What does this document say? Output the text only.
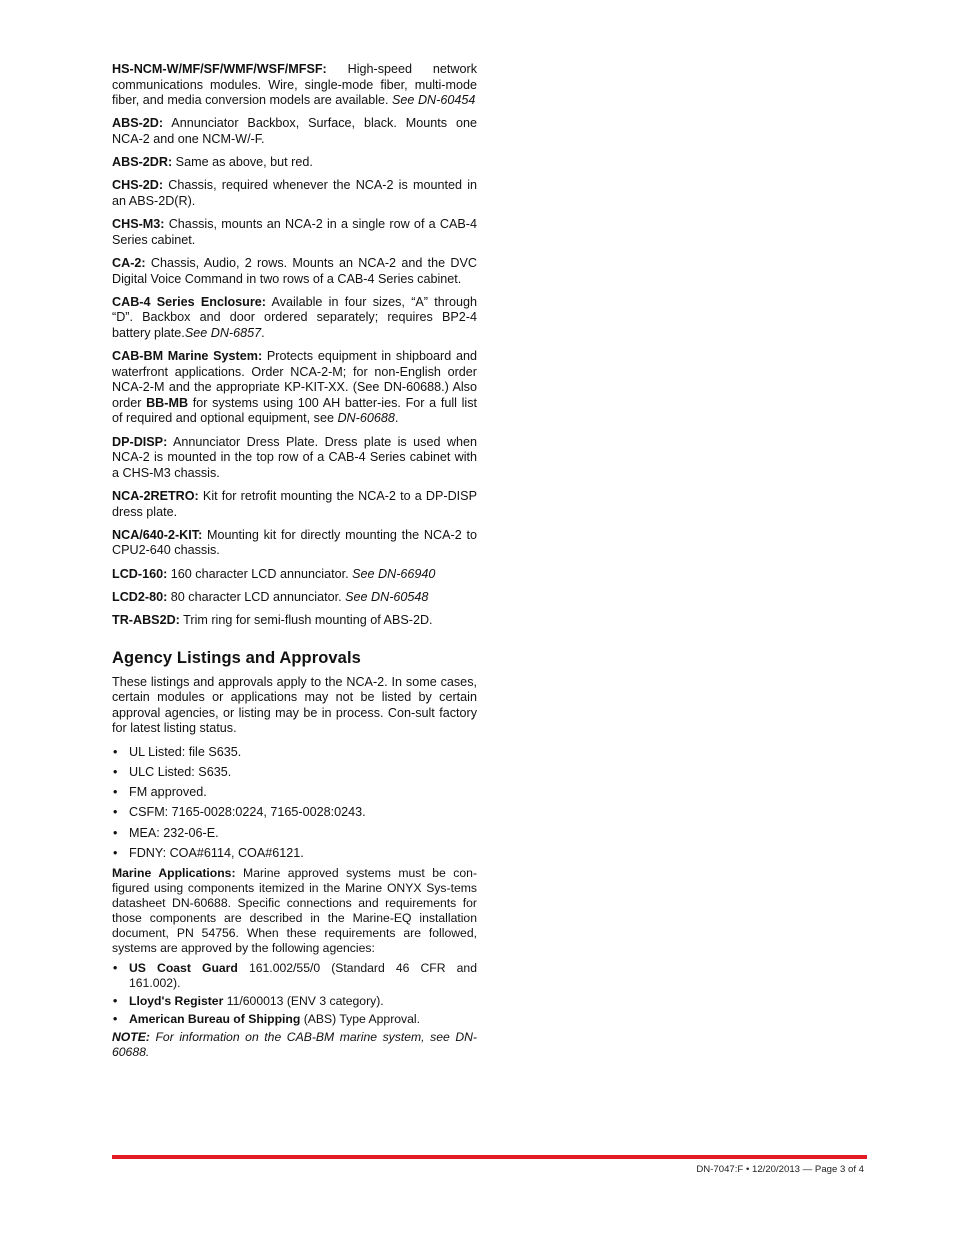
HS-NCM-W/MF/SF/WMF/WSF/MFSF: High-speed network communications modules. Wire, single-mode fiber, multi-mode fiber, and media conversion models are available. See DN-60454

ABS-2D: Annunciator Backbox, Surface, black. Mounts one NCA-2 and one NCM-W/-F.

ABS-2DR: Same as above, but red.

CHS-2D: Chassis, required whenever the NCA-2 is mounted in an ABS-2D(R).

CHS-M3: Chassis, mounts an NCA-2 in a single row of a CAB-4 Series cabinet.

CA-2: Chassis, Audio, 2 rows. Mounts an NCA-2 and the DVC Digital Voice Command in two rows of a CAB-4 Series cabinet.

CAB-4 Series Enclosure: Available in four sizes, “A” through “D”. Backbox and door ordered separately; requires BP2-4 battery plate.See DN-6857.

CAB-BM Marine System: Protects equipment in shipboard and waterfront applications. Order NCA-2-M; for non-English order NCA-2-M and the appropriate KP-KIT-XX. (See DN-60688.) Also order BB-MB for systems using 100 AH batter-ies. For a full list of required and optional equipment, see DN-60688.

DP-DISP: Annunciator Dress Plate. Dress plate is used when NCA-2 is mounted in the top row of a CAB-4 Series cabinet with a CHS-M3 chassis.

NCA-2RETRO: Kit for retrofit mounting the NCA-2 to a DP-DISP dress plate.

NCA/640-2-KIT: Mounting kit for directly mounting the NCA-2 to CPU2-640 chassis.

LCD-160: 160 character LCD annunciator. See DN-66940

LCD2-80: 80 character LCD annunciator. See DN-60548

TR-ABS2D: Trim ring for semi-flush mounting of ABS-2D.

Agency Listings and Approvals

These listings and approvals apply to the NCA-2. In some cases, certain modules or applications may not be listed by certain approval agencies, or listing may be in process. Con-sult factory for latest listing status.

• UL Listed: file S635.
• ULC Listed: S635.
• FM approved.
• CSFM: 7165-0028:0224, 7165-0028:0243.
• MEA: 232-06-E.
• FDNY: COA#6114, COA#6121.

Marine Applications: Marine approved systems must be con-figured using components itemized in the Marine ONYX Sys-tems datasheet DN-60688. Specific connections and requirements for those components are described in the Marine-EQ installation document, PN 54756. When these requirements are followed, systems are approved by the following agencies:

• US Coast Guard 161.002/55/0 (Standard 46 CFR and 161.002).
• Lloyd's Register 11/600013 (ENV 3 category).
• American Bureau of Shipping (ABS) Type Approval.

NOTE: For information on the CAB-BM marine system, see DN-60688.

DN-7047:F • 12/20/2013 — Page 3 of 4
